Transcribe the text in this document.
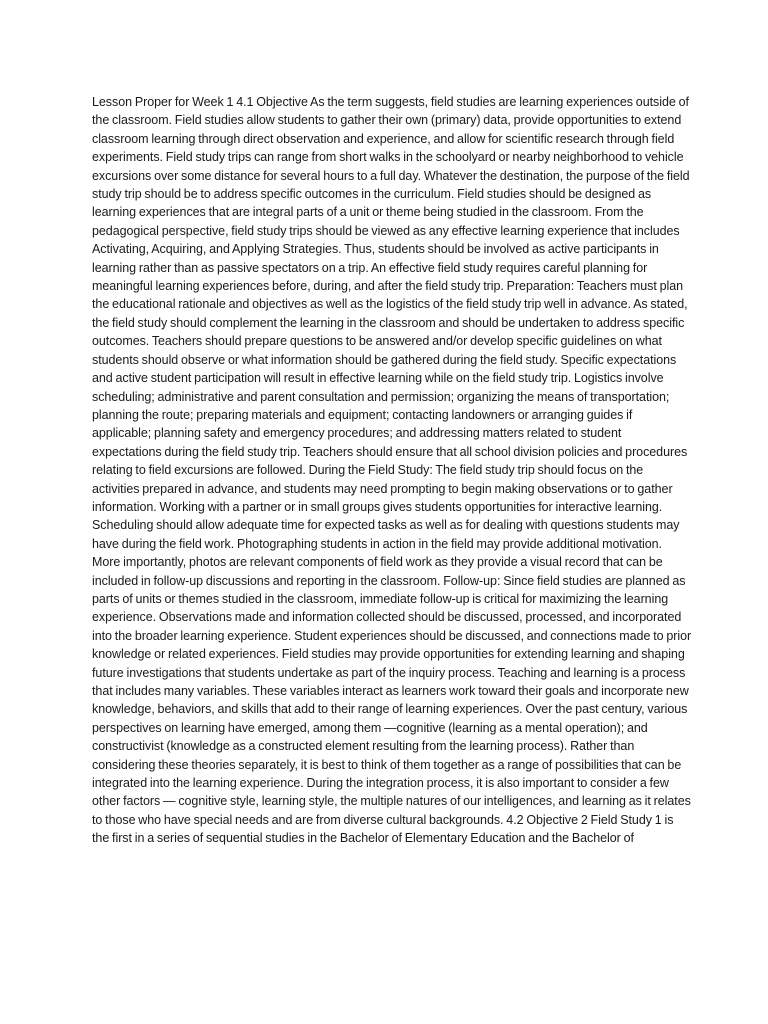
Lesson Proper for Week 1 4.1 Objective As the term suggests, field studies are learning experiences outside of the classroom. Field studies allow students to gather their own (primary) data, provide opportunities to extend classroom learning through direct observation and experience, and allow for scientific research through field experiments. Field study trips can range from short walks in the schoolyard or nearby neighborhood to vehicle excursions over some distance for several hours to a full day. Whatever the destination, the purpose of the field study trip should be to address specific outcomes in the curriculum. Field studies should be designed as learning experiences that are integral parts of a unit or theme being studied in the classroom. From the pedagogical perspective, field study trips should be viewed as any effective learning experience that includes Activating, Acquiring, and Applying Strategies. Thus, students should be involved as active participants in learning rather than as passive spectators on a trip. An effective field study requires careful planning for meaningful learning experiences before, during, and after the field study trip. Preparation: Teachers must plan the educational rationale and objectives as well as the logistics of the field study trip well in advance. As stated, the field study should complement the learning in the classroom and should be undertaken to address specific outcomes. Teachers should prepare questions to be answered and/or develop specific guidelines on what students should observe or what information should be gathered during the field study. Specific expectations and active student participation will result in effective learning while on the field study trip. Logistics involve scheduling; administrative and parent consultation and permission; organizing the means of transportation; planning the route; preparing materials and equipment; contacting landowners or arranging guides if applicable; planning safety and emergency procedures; and addressing matters related to student expectations during the field study trip. Teachers should ensure that all school division policies and procedures relating to field excursions are followed. During the Field Study: The field study trip should focus on the activities prepared in advance, and students may need prompting to begin making observations or to gather information. Working with a partner or in small groups gives students opportunities for interactive learning. Scheduling should allow adequate time for expected tasks as well as for dealing with questions students may have during the field work. Photographing students in action in the field may provide additional motivation. More importantly, photos are relevant components of field work as they provide a visual record that can be included in follow-up discussions and reporting in the classroom. Follow-up: Since field studies are planned as parts of units or themes studied in the classroom, immediate follow-up is critical for maximizing the learning experience. Observations made and information collected should be discussed, processed, and incorporated into the broader learning experience. Student experiences should be discussed, and connections made to prior knowledge or related experiences. Field studies may provide opportunities for extending learning and shaping future investigations that students undertake as part of the inquiry process. Teaching and learning is a process that includes many variables. These variables interact as learners work toward their goals and incorporate new knowledge, behaviors, and skills that add to their range of learning experiences. Over the past century, various perspectives on learning have emerged, among them —cognitive (learning as a mental operation); and constructivist (knowledge as a constructed element resulting from the learning process). Rather than considering these theories separately, it is best to think of them together as a range of possibilities that can be integrated into the learning experience. During the integration process, it is also important to consider a few other factors — cognitive style, learning style, the multiple natures of our intelligences, and learning as it relates to those who have special needs and are from diverse cultural backgrounds. 4.2 Objective 2 Field Study 1 is the first in a series of sequential studies in the Bachelor of Elementary Education and the Bachelor of
